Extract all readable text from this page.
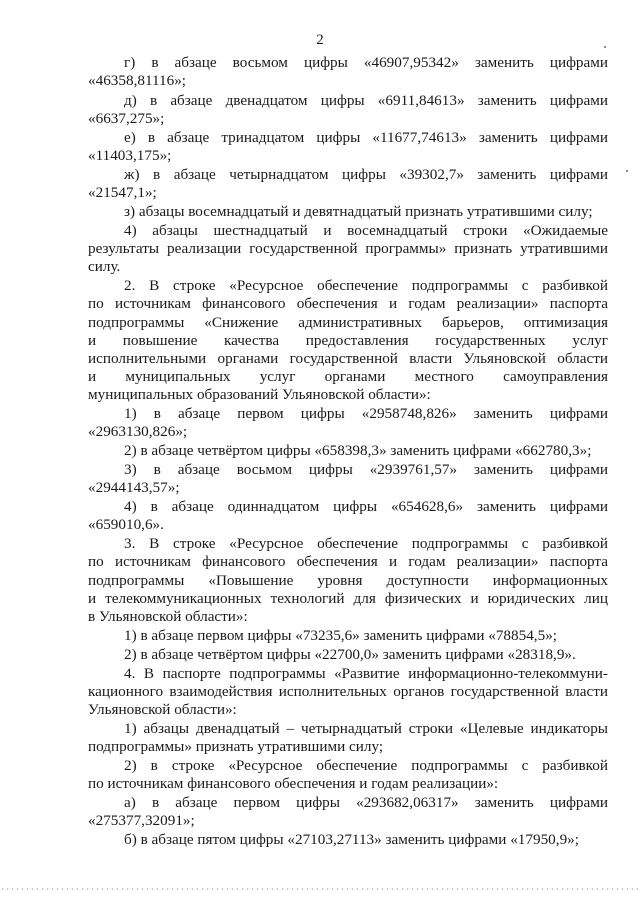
2
г) в абзаце восьмом цифры «46907,95342» заменить цифрами
«46358,81116»;
д) в абзаце двенадцатом цифры «6911,84613» заменить цифрами
«6637,275»;
е) в абзаце тринадцатом цифры «11677,74613» заменить цифрами
«11403,175»;
ж) в абзаце четырнадцатом цифры «39302,7» заменить цифрами
«21547,1»;
з) абзацы восемнадцатый и девятнадцатый признать утратившими силу;
4) абзацы шестнадцатый и восемнадцатый строки «Ожидаемые
результаты реализации государственной программы» признать утратившими
силу.
2. В строке «Ресурсное обеспечение подпрограммы с разбивкой
по источникам финансового обеспечения и годам реализации» паспорта
подпрограммы «Снижение административных барьеров, оптимизация
и повышение качества предоставления государственных услуг
исполнительными органами государственной власти Ульяновской области
и муниципальных услуг органами местного самоуправления
муниципальных образований Ульяновской области»:
1) в абзаце первом цифры «2958748,826» заменить цифрами
«2963130,826»;
2) в абзаце четвёртом цифры «658398,3» заменить цифрами «662780,3»;
3) в абзаце восьмом цифры «2939761,57» заменить цифрами
«2944143,57»;
4) в абзаце одиннадцатом цифры «654628,6» заменить цифрами
«659010,6».
3. В строке «Ресурсное обеспечение подпрограммы с разбивкой
по источникам финансового обеспечения и годам реализации» паспорта
подпрограммы «Повышение уровня доступности информационных
и телекоммуникационных технологий для физических и юридических лиц
в Ульяновской области»:
1) в абзаце первом цифры «73235,6» заменить цифрами «78854,5»;
2) в абзаце четвёртом цифры «22700,0» заменить цифрами «28318,9».
4. В паспорте подпрограммы «Развитие информационно-телекоммуни-
кационного взаимодействия исполнительных органов государственной власти
Ульяновской области»:
1) абзацы двенадцатый – четырнадцатый строки «Целевые индикаторы
подпрограммы» признать утратившими силу;
2) в строке «Ресурсное обеспечение подпрограммы с разбивкой
по источникам финансового обеспечения и годам реализации»:
а) в абзаце первом цифры «293682,06317» заменить цифрами
«275377,32091»;
б) в абзаце пятом цифры «27103,27113» заменить цифрами «17950,9»;
